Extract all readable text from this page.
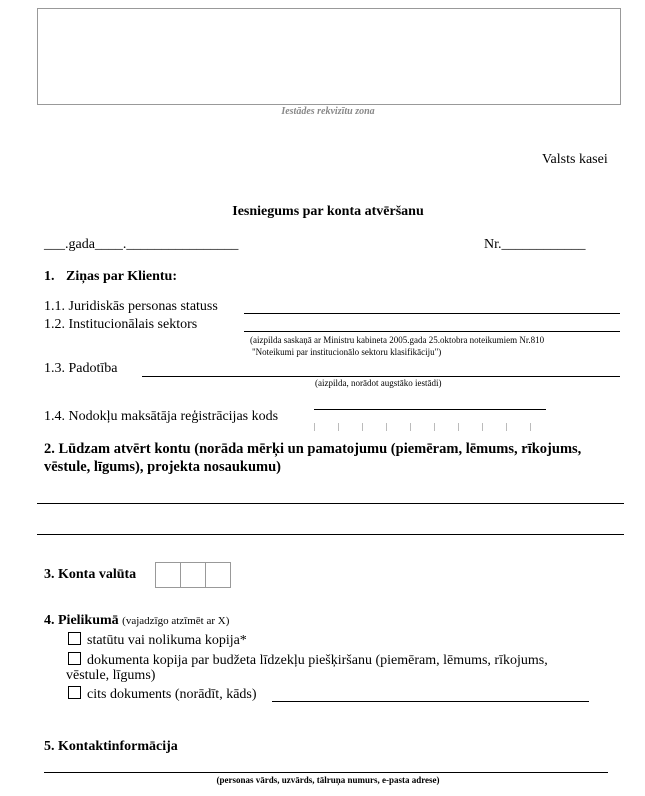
Iestādes rekvizītu zona
Valsts kasei
Iesniegums par konta atvēršanu
___.gada____.________________	Nr.____________
1. Ziņas par Klientu:
1.1. Juridiskās personas statuss
1.2. Institucionālais sektors
(aizpilda saskaņā ar Ministru kabineta 2005.gada 25.oktobra noteikumiem Nr.810
"Noteikumi par institucionālo sektoru klasifikāciju")
1.3. Padotība
(aizpilda, norādot augstāko iestādi)
1.4. Nodokļu maksātāja reģistrācijas kods
2. Lūdzam atvērt kontu (norāda mērķi un pamatojumu (piemēram, lēmums, rīkojums,
vēstule, līgums), projekta nosaukumu)
3. Konta valūta
4. Pielikumā (vajadzīgo atzīmēt ar X)
statūtu vai nolikuma kopija*
dokumenta kopija par budžeta līdzekļu piešķiršanu (piemēram, lēmums, rīkojums,
vēstule, līgums)
cits dokuments (norādīt, kāds)
5. Kontaktinformācija
(personas vārds, uzvārds, tālruņa numurs, e-pasta adrese)
